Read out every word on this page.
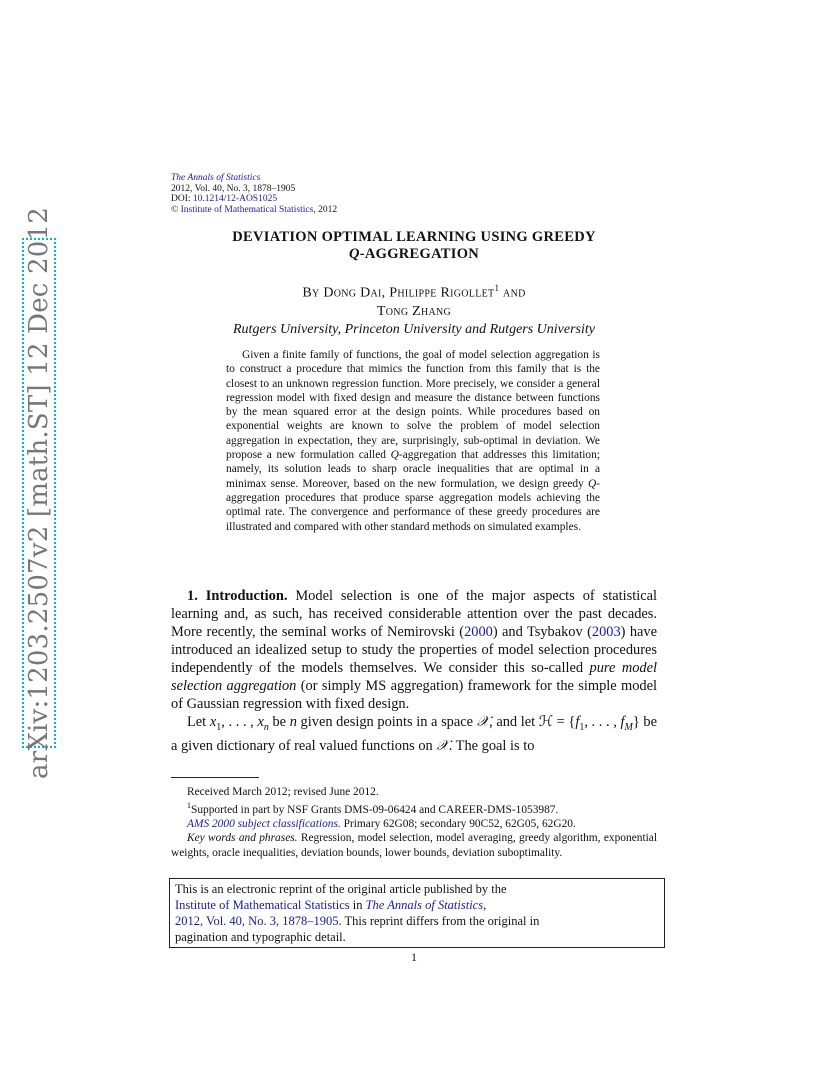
arXiv:1203.2507v2 [math.ST] 12 Dec 2012
The Annals of Statistics
2012, Vol. 40, No. 3, 1878–1905
DOI: 10.1214/12-AOS1025
© Institute of Mathematical Statistics, 2012
DEVIATION OPTIMAL LEARNING USING GREEDY
Q-AGGREGATION
By Dong Dai, Philippe Rigollet$^1$ and
Tong Zhang
Rutgers University, Princeton University and Rutgers University

Given a finite family of functions, the goal of model selection aggregation is to construct a procedure that mimics the function from this family that is the closest to an unknown regression function. More precisely, we consider a general regression model with fixed design and measure the distance between functions by the mean squared error at the design points. While procedures based on exponential weights are known to solve the problem of model selection aggregation in expectation, they are, surprisingly, sub-optimal in deviation. We propose a new formulation called Q-aggregation that addresses this limitation; namely, its solution leads to sharp oracle inequalities that are optimal in a minimax sense. Moreover, based on the new formulation, we design greedy Q-aggregation procedures that produce sparse aggregation models achieving the optimal rate. The convergence and performance of these greedy procedures are illustrated and compared with other standard methods on simulated examples.

1. Introduction. Model selection is one of the major aspects of statistical learning and, as such, has received considerable attention over the past decades. More recently, the seminal works of Nemirovski (2000) and Tsybakov (2003) have introduced an idealized setup to study the properties of model selection procedures independently of the models themselves. We consider this so-called pure model selection aggregation (or simply MS aggregation) framework for the simple model of Gaussian regression with fixed design.

Let $x_1$, . . . , $x_n$ be n given design points in a space 𝒳, and let ℋ = {$f_1$, . . . , $f_M$} be a given dictionary of real valued functions on 𝒳. The goal is to

Received March 2012; revised June 2012.

$^1$Supported in part by NSF Grants DMS-09-06424 and CAREER-DMS-1053987.

AMS 2000 subject classifications. Primary 62G08; secondary 90C52, 62G05, 62G20.

Key words and phrases. Regression, model selection, model averaging, greedy algorithm, exponential weights, oracle inequalities, deviation bounds, lower bounds, deviation suboptimality.

This is an electronic reprint of the original article published by the
Institute of Mathematical Statistics in The Annals of Statistics,
2012, Vol. 40, No. 3, 1878–1905. This reprint differs from the original in
pagination and typographic detail.
1
